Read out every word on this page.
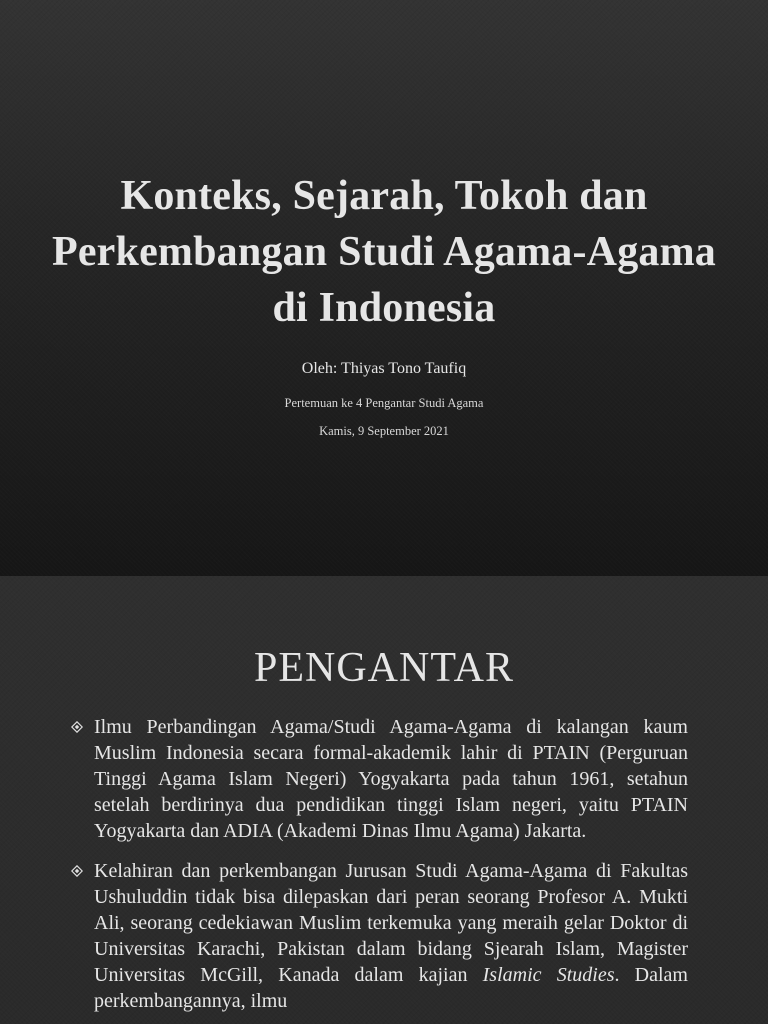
Konteks, Sejarah, Tokoh dan Perkembangan Studi Agama-Agama di Indonesia
Oleh: Thiyas Tono Taufiq
Pertemuan ke 4 Pengantar Studi Agama
Kamis, 9 September 2021
PENGANTAR
Ilmu Perbandingan Agama/Studi Agama-Agama di kalangan kaum Muslim Indonesia secara formal-akademik lahir di PTAIN (Perguruan Tinggi Agama Islam Negeri) Yogyakarta pada tahun 1961, setahun setelah berdirinya dua pendidikan tinggi Islam negeri, yaitu PTAIN Yogyakarta dan ADIA (Akademi Dinas Ilmu Agama) Jakarta.
Kelahiran dan perkembangan Jurusan Studi Agama-Agama di Fakultas Ushuluddin tidak bisa dilepaskan dari peran seorang Profesor A. Mukti Ali, seorang cedekiawan Muslim terkemuka yang meraih gelar Doktor di Universitas Karachi, Pakistan dalam bidang Sjearah Islam, Magister Universitas McGill, Kanada dalam kajian Islamic Studies. Dalam perkembangannya, ilmu
